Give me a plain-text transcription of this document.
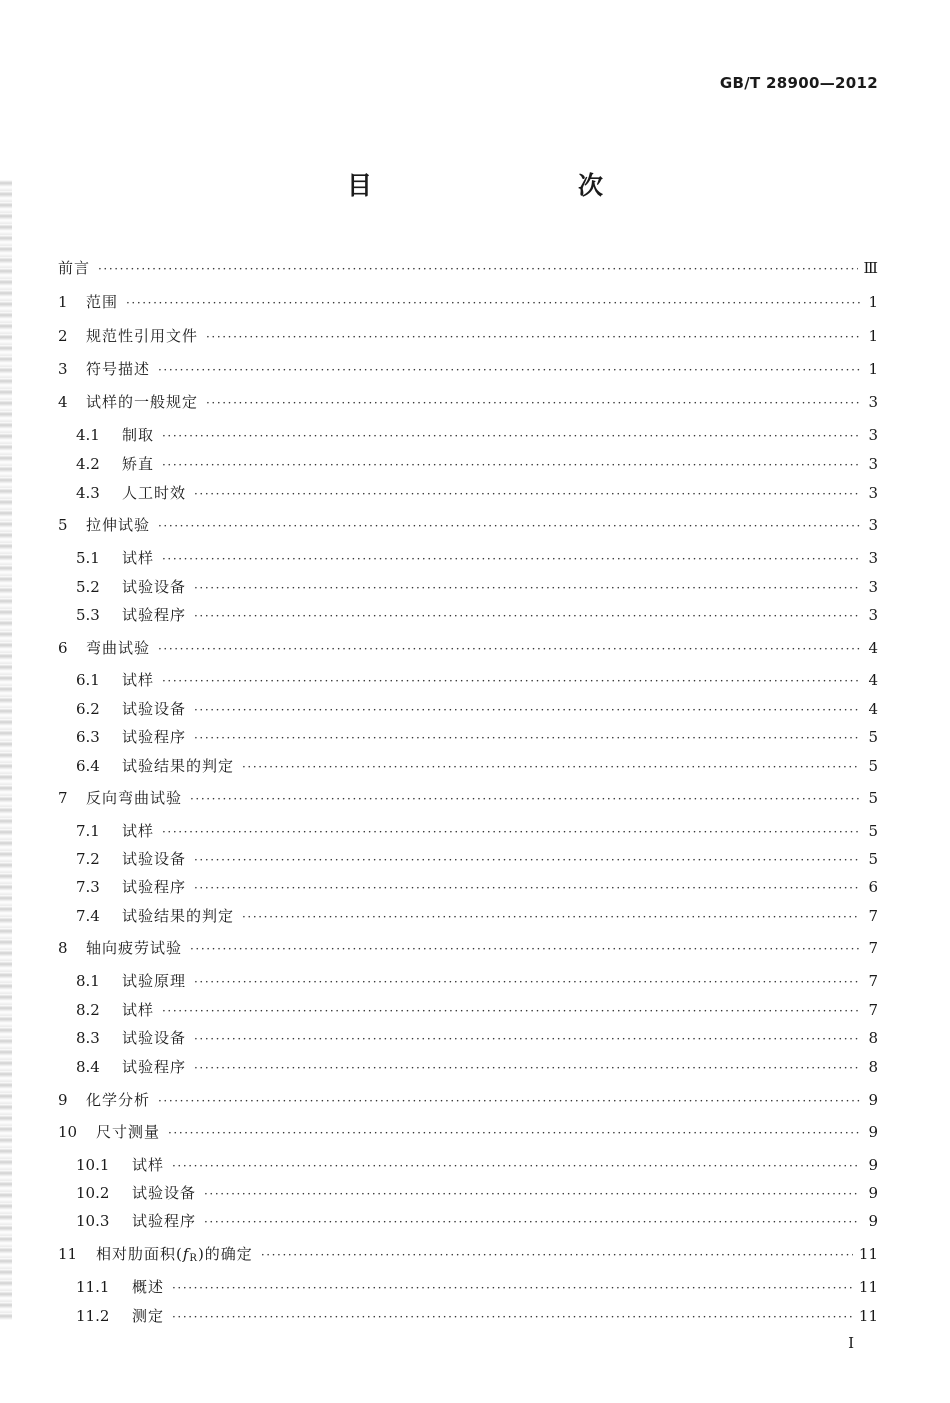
GB/T 28900—2012
目　　次
前言 ·····	Ⅲ
1	范围 ·····	1
2	规范性引用文件 ·····	1
3	符号描述 ·····	1
4	试样的一般规定 ·····	3
4.1	制取 ·····	3
4.2	矫直 ·····	3
4.3	人工时效 ·····	3
5	拉伸试验 ·····	3
5.1	试样 ·····	3
5.2	试验设备 ·····	3
5.3	试验程序 ·····	3
6	弯曲试验 ·····	4
6.1	试样 ·····	4
6.2	试验设备 ·····	4
6.3	试验程序 ·····	5
6.4	试验结果的判定 ·····	5
7	反向弯曲试验 ·····	5
7.1	试样 ·····	5
7.2	试验设备 ·····	5
7.3	试验程序 ·····	6
7.4	试验结果的判定 ·····	7
8	轴向疲劳试验 ·····	7
8.1	试验原理 ·····	7
8.2	试样 ·····	7
8.3	试验设备 ·····	8
8.4	试验程序 ·····	8
9	化学分析 ·····	9
10	尺寸测量 ·····	9
10.1	试样 ·····	9
10.2	试验设备 ·····	9
10.3	试验程序 ·····	9
11	相对肋面积$(f_R)$的确定 ·····	11
11.1	概述 ·····	11
11.2	测定 ·····	11
I
